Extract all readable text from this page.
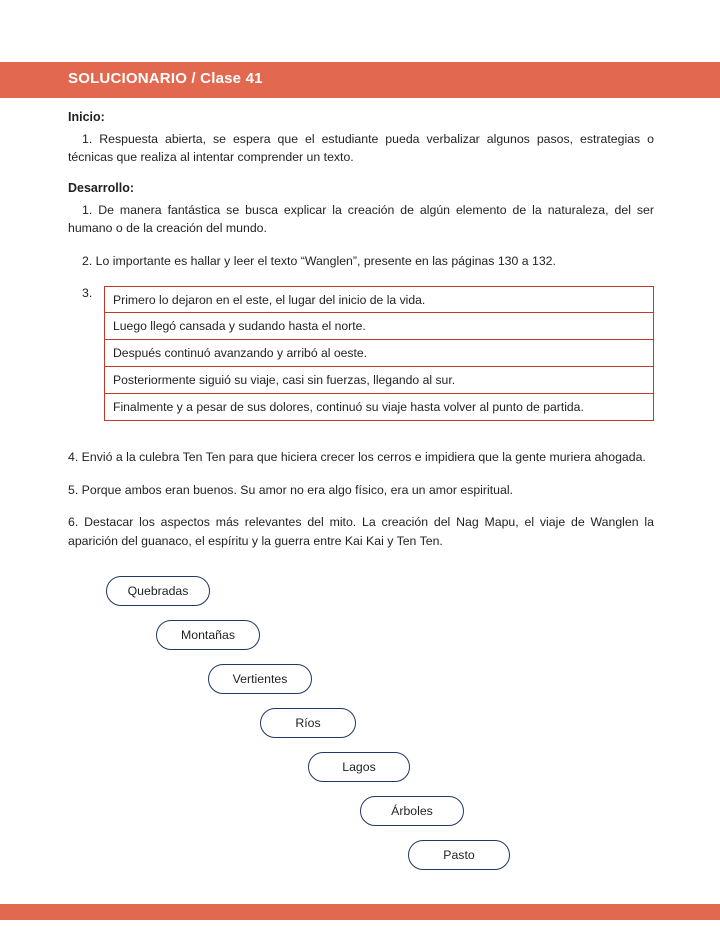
SOLUCIONARIO / Clase 41
Inicio:

1. Respuesta abierta, se espera que el estudiante pueda verbalizar algunos pasos, estrategias o técnicas que realiza al intentar comprender un texto.

Desarrollo:

1. De manera fantástica se busca explicar la creación de algún elemento de la naturaleza, del ser humano o de la creación del mundo.

2. Lo importante es hallar y leer el texto “Wanglen”, presente en las páginas 130 a 132.

3.	Primero lo dejaron en el este, el lugar del inicio de la vida.
Luego llegó cansada y sudando hasta el norte.
Después continuó avanzando y arribó al oeste.
Posteriormente siguió su viaje, casi sin fuerzas, llegando al sur.
Finalmente y a pesar de sus dolores, continuó su viaje hasta volver al punto de partida.

4. Envió a la culebra Ten Ten para que hiciera crecer los cerros e impidiera que la gente muriera ahogada.

5. Porque ambos eran buenos. Su amor no era algo físico, era un amor espiritual.

6. Destacar los aspectos más relevantes del mito. La creación del Nag Mapu, el viaje de Wanglen la aparición del guanaco, el espíritu y la guerra entre Kai Kai y Ten Ten.

Quebradas
Montañas
Vertientes
Ríos
Lagos
Árboles
Pasto
